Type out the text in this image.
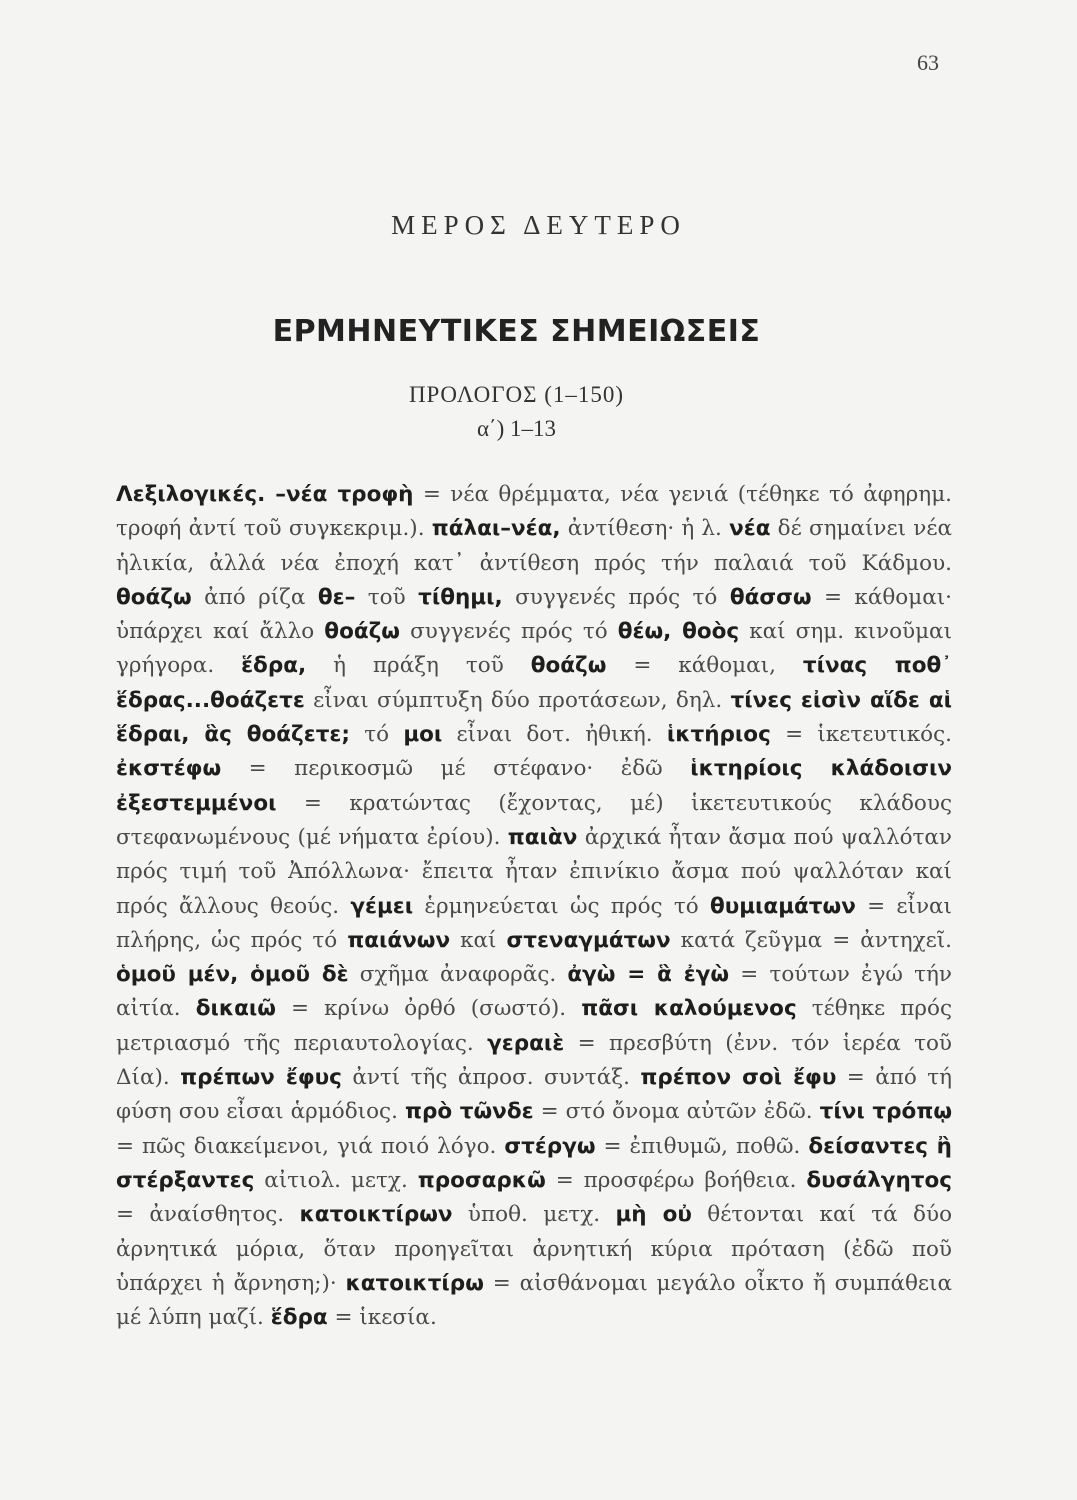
63
ΜΕΡΟΣ ΔΕΥΤΕΡΟ
ΕΡΜΗΝΕΥΤΙΚΕΣ ΣΗΜΕΙΩΣΕΙΣ
ΠΡΟΛΟΓΟΣ (1–150)
α΄) 1–13
Λεξιλογικές. –νέα τροφὴ = νέα θρέμματα, νέα γενιά (τέθηκε τό ἀφηρημ. τροφή ἀντί τοῦ συγκεκριμ.). πάλαι–νέα, ἀντίθεση· ἡ λ. νέα δέ σημαίνει νέα ἡλικία, ἀλλά νέα ἐποχή κατ᾽ ἀντίθεση πρός τήν παλαιά τοῦ Κάδμου. θοάζω ἀπό ρίζα θε– τοῦ τίθημι, συγγενές πρός τό θάσσω = κάθομαι· ὑπάρχει καί ἄλλο θοάζω συγγενές πρός τό θέω, θοὸς καί σημ. κινοῦμαι γρήγορα. ἕδρα, ἡ πράξη τοῦ θοάζω = κάθομαι, τίνας ποθ᾽ ἕδρας...θοάζετε εἶναι σύμπτυξη δύο προτάσεων, δηλ. τίνες εἰσὶν αἵδε αἱ ἕδραι, ἃς θοάζετε; τό μοι εἶναι δοτ. ἠθική. ἱκτήριος = ἱκετευτικός. ἐκστέφω = περικοσμῶ μέ στέφανο· ἐδῶ ἱκτηρίοις κλάδοισιν ἐξεστεμμένοι = κρατώντας (ἔχοντας, μέ) ἱκετευτικούς κλάδους στεφανωμένους (μέ νήματα ἐρίου). παιὰν ἀρχικά ἦταν ἄσμα πού ψαλλόταν πρός τιμή τοῦ Ἀπόλλωνα· ἔπειτα ἦταν ἐπινίκιο ἄσμα πού ψαλλόταν καί πρός ἄλλους θεούς. γέμει ἑρμηνεύεται ὡς πρός τό θυμιαμάτων = εἶναι πλήρης, ὡς πρός τό παιάνων καί στεναγμάτων κατά ζεῦγμα = ἀντηχεῖ. ὁμοῦ μέν, ὁμοῦ δὲ σχῆμα ἀναφορᾶς. ἀγὼ = ἃ ἐγὼ = τούτων ἐγώ τήν αἰτία. δικαιῶ = κρίνω ὀρθό (σωστό). πᾶσι καλούμενος τέθηκε πρός μετριασμό τῆς περιαυτολογίας. γεραιὲ = πρεσβύτη (ἐνν. τόν ἱερέα τοῦ Δία). πρέπων ἔφυς ἀντί τῆς ἀπροσ. συντάξ. πρέπον σοὶ ἔφυ = ἀπό τή φύση σου εἶσαι ἁρμόδιος. πρὸ τῶνδε = στό ὄνομα αὐτῶν ἐδῶ. τίνι τρόπῳ = πῶς διακείμενοι, γιά ποιό λόγο. στέργω = ἐπιθυμῶ, ποθῶ. δείσαντες ἢ στέρξαντες αἰτιολ. μετχ. προσαρκῶ = προσφέρω βοήθεια. δυσάλγητος = ἀναίσθητος. κατοικτίρων ὑποθ. μετχ. μὴ οὐ θέτονται καί τά δύο ἀρνητικά μόρια, ὅταν προηγεῖται ἀρνητική κύρια πρόταση (ἐδῶ ποῦ ὑπάρχει ἡ ἄρνηση;)· κατοικτίρω = αἰσθάνομαι μεγάλο οἶκτο ἤ συμπάθεια μέ λύπη μαζί. ἕδρα = ἱκεσία.
